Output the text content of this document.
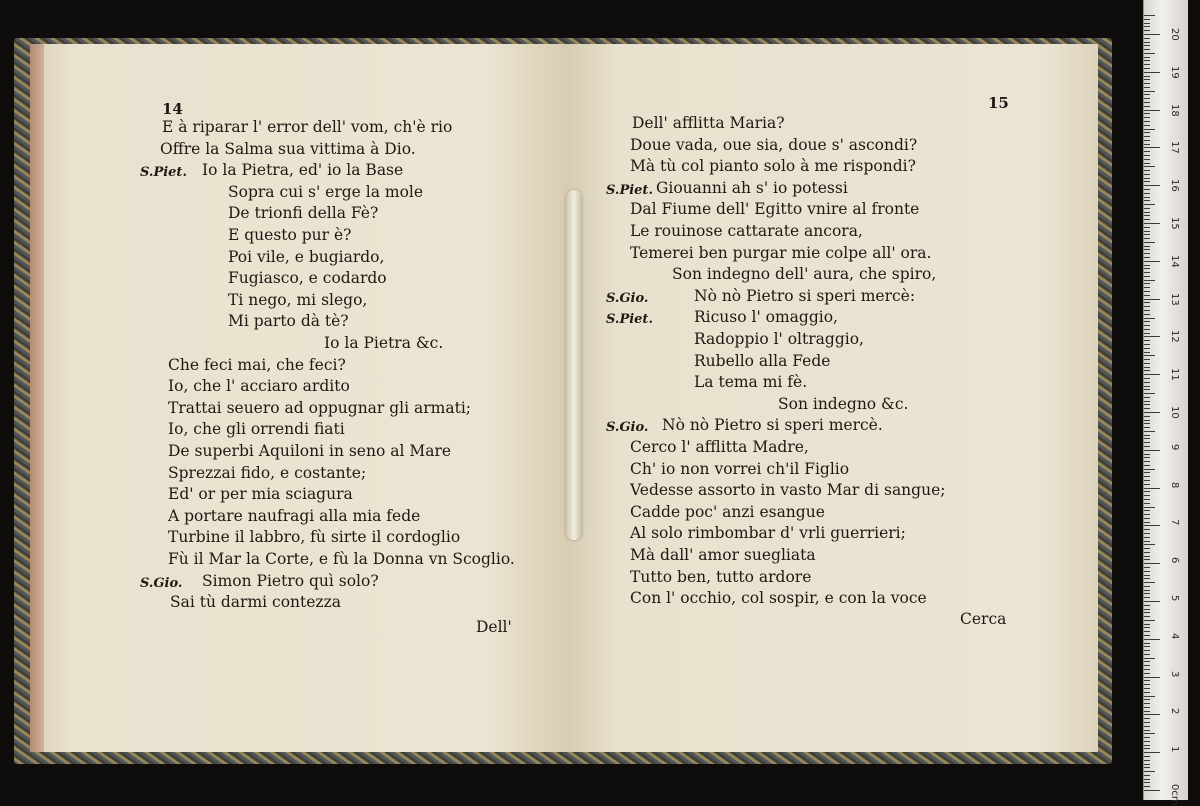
14
E à riparar l' error dell' vom, ch'è rio
Offre la Salma sua vittima à Dio.
S.Piet. Io la Pietra, ed' io la Base
Sopra cui s' erge la mole
De trionfi della Fè?
E questo pur è?
Poi vile, e bugiardo,
Fugiasco, e codardo
Ti nego, mi slego,
Mi parto dà tè?
Io la Pietra &c.
Che feci mai, che feci?
Io, che l' acciaro ardito
Trattai seuero ad oppugnar gli armati;
Io, che gli orrendi fiati
De superbi Aquiloni in seno al Mare
Sprezzai fido, e costante;
Ed' or per mia sciagura
A portare naufragi alla mia fede
Turbine il labbro, fù sirte il cordoglio
Fù il Mar la Corte, e fù la Donna vn Scoglio.
S.Gio. Simon Pietro quì solo?
Sai tù darmi contezza
Dell'
15
Dell' afflitta Maria?
Doue vada, oue sia, doue s' ascondi?
Mà tù col pianto solo à me rispondi?
S.Piet. Giouanni ah s' io potessi
Dal Fiume dell' Egitto vnire al fronte
Le rouinose cattarate ancora,
Temerei ben purgar mie colpe all' ora.
Son indegno dell' aura, che spiro,
S.Gio.	Nò nò Pietro si speri mercè:
S.Piet.	Ricuso l' omaggio,
Radoppio l' oltraggio,
Rubello alla Fede
La tema mi fè.
Son indegno &c.
S.Gio. Nò nò Pietro si speri mercè.
Cerco l' afflitta Madre,
Ch' io non vorrei ch'il Figlio
Vedesse assorto in vasto Mar di sangue;
Cadde poc' anzi esangue
Al solo rimbombar d' vrli guerrieri;
Mà dall' amor suegliata
Tutto ben, tutto ardore
Con l' occhio, col sospir, e con la voce
Cerca
0cm
1
2
3
4
5
6
7
8
9
10
11
12
13
14
15
16
17
18
19
20
